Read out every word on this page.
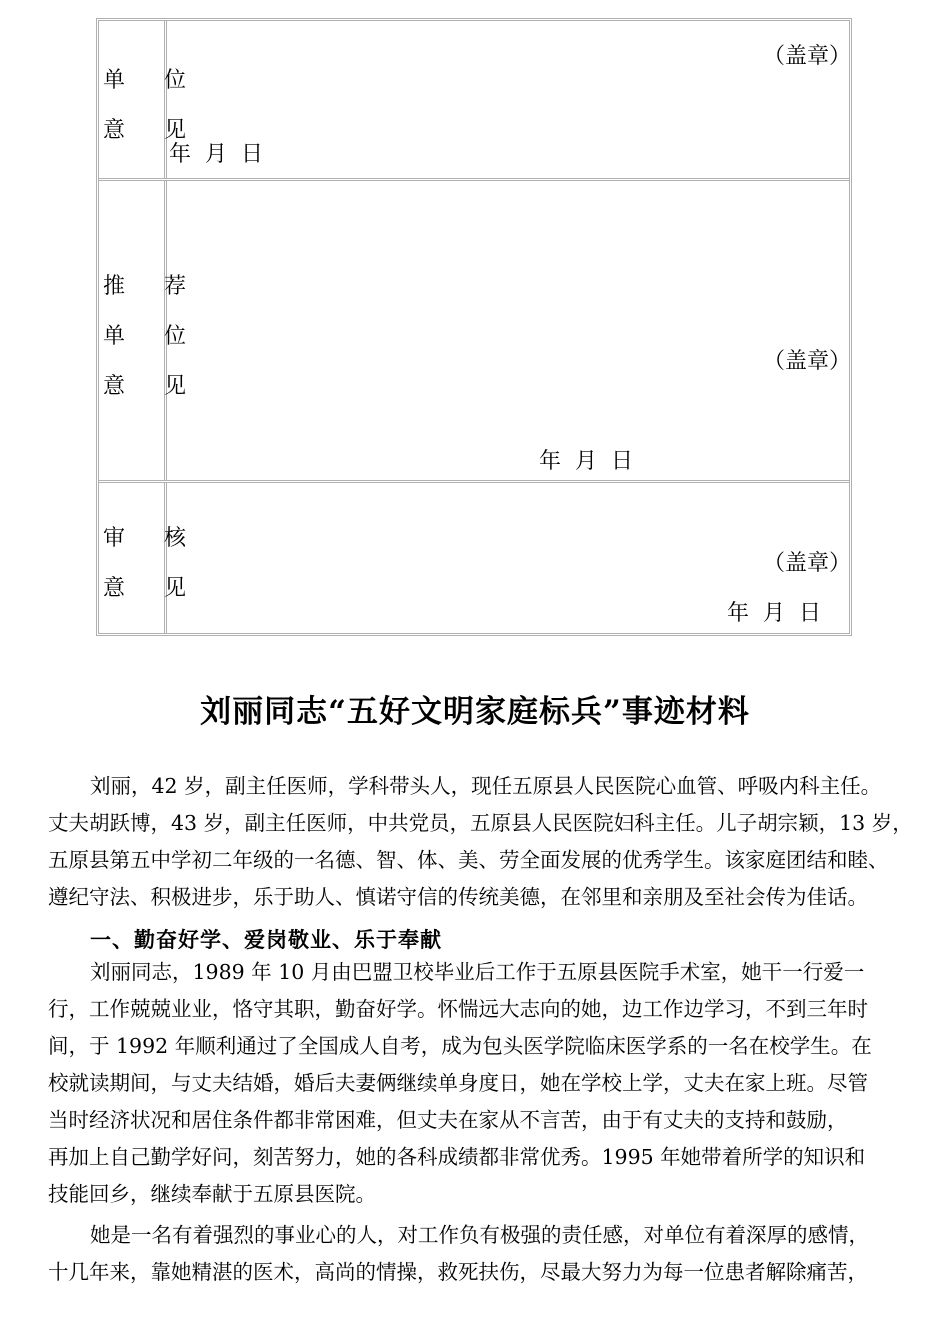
单 位
意 见
（盖章）
年  月  日
推 荐
单 位
意 见
（盖章）
年  月  日
审 核
意 见
（盖章）
年  月  日
刘丽同志“五好文明家庭标兵”事迹材料
刘丽，42 岁，副主任医师，学科带头人，现任五原县人民医院心血管、呼吸内科主任。
丈夫胡跃博，43 岁，副主任医师，中共党员，五原县人民医院妇科主任。儿子胡宗颖，13 岁，
五原县第五中学初二年级的一名德、智、体、美、劳全面发展的优秀学生。该家庭团结和睦、
遵纪守法、积极进步，乐于助人、慎诺守信的传统美德，在邻里和亲朋及至社会传为佳话。
一、勤奋好学、爱岗敬业、乐于奉献
刘丽同志，1989 年 10 月由巴盟卫校毕业后工作于五原县医院手术室，她干一行爱一
行，工作兢兢业业，恪守其职，勤奋好学。怀惴远大志向的她，边工作边学习，不到三年时
间，于 1992 年顺利通过了全国成人自考，成为包头医学院临床医学系的一名在校学生。在
校就读期间，与丈夫结婚，婚后夫妻俩继续单身度日，她在学校上学，丈夫在家上班。尽管
当时经济状况和居住条件都非常困难，但丈夫在家从不言苦，由于有丈夫的支持和鼓励，
再加上自己勤学好问，刻苦努力，她的各科成绩都非常优秀。1995 年她带着所学的知识和
技能回乡，继续奉献于五原县医院。
她是一名有着强烈的事业心的人，对工作负有极强的责任感，对单位有着深厚的感情，
十几年来，靠她精湛的医术，高尚的情操，救死扶伤，尽最大努力为每一位患者解除痛苦，
